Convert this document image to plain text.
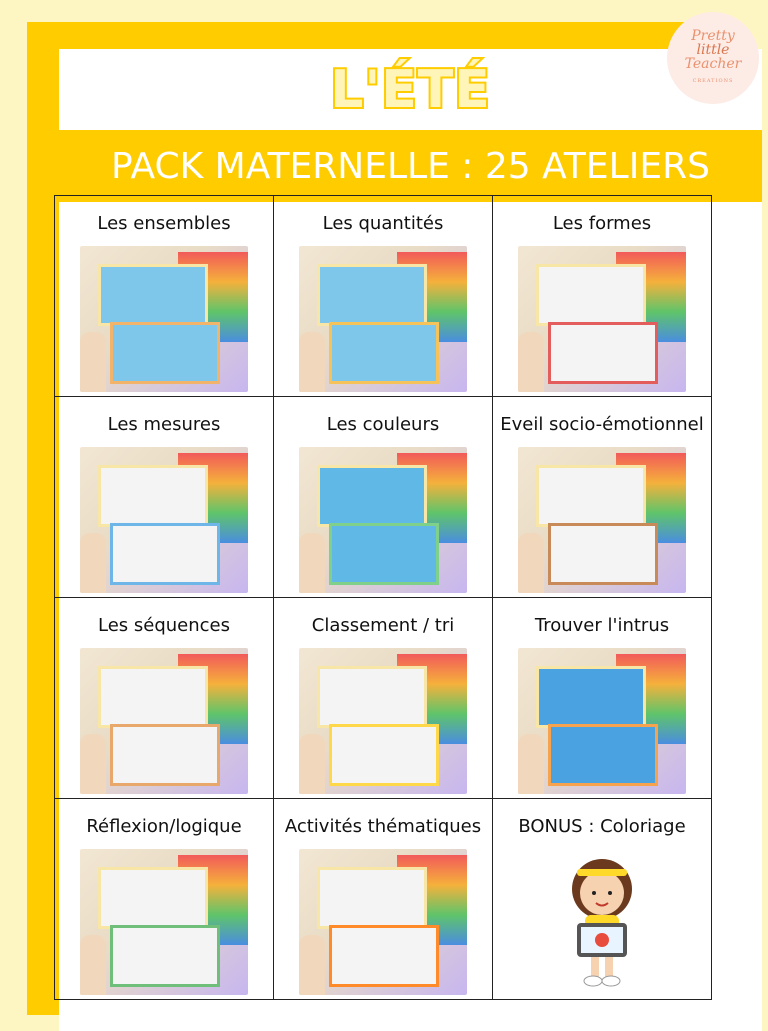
L'ÉTÉ
PACK MATERNELLE : 25 ATELIERS
Pretty
little
Teacher
CREATIONS
Les ensembles	Les quantités	Les formes

Les mesures	Les couleurs	Eveil socio-émotionnel

Les séquences	Classement / tri	Trouver l'intrus

Réflexion/logique	Activités thématiques	BONUS : Coloriage
